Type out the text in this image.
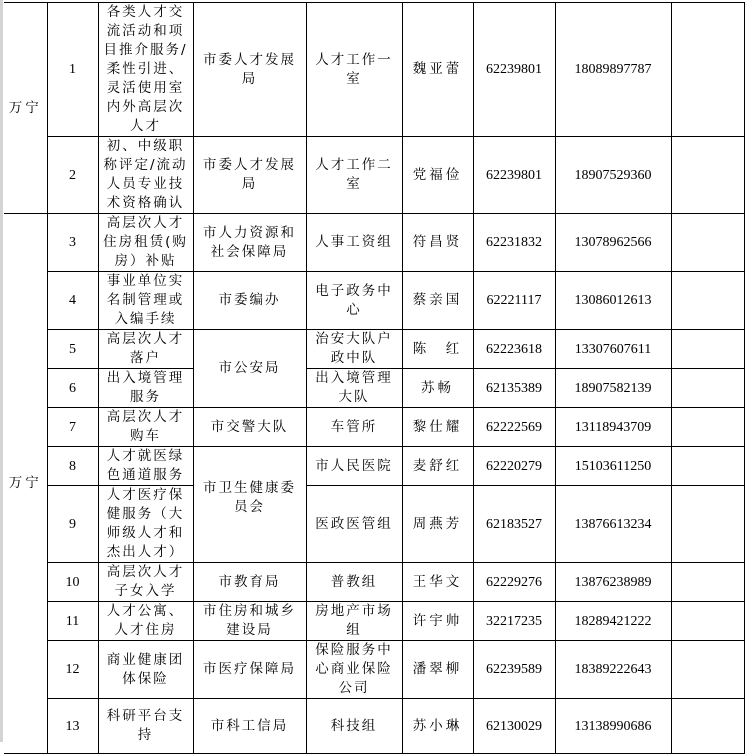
万宁	1	各类人才交流活动和项目推介服务/柔性引进、灵活使用室内外高层次人才	市委人才发展局	人才工作一室	魏亚蕾	62239801	18089897787	
	2	初、中级职称评定/流动人员专业技术资格确认	市委人才发展局	人才工作二室	党福俭	62239801	18907529360	
万宁	3	高层次人才住房租赁(购房）补贴	市人力资源和社会保障局	人事工资组	符昌贤	62231832	13078962566	
	4	事业单位实名制管理或入编手续	市委编办	电子政务中心	蔡亲国	62221117	13086012613	
	5	高层次人才落户	市公安局	治安大队户政中队	陈　红	62223618	13307607611	
	6	出入境管理服务		出入境管理大队	苏畅	62135389	18907582139	
	7	高层次人才购车	市交警大队	车管所	黎仕耀	62222569	13118943709	
	8	人才就医绿色通道服务	市卫生健康委员会	市人民医院	麦舒红	62220279	15103611250	
	9	人才医疗保健服务（大师级人才和杰出人才）		医政医管组	周燕芳	62183527	13876613234	
	10	高层次人才子女入学	市教育局	普教组	王华文	62229276	13876238989	
	11	人才公寓、人才住房	市住房和城乡建设局	房地产市场组	许宇帅	32217235	18289421222	
	12	商业健康团体保险	市医疗保障局	保险服务中心商业保险公司	潘翠柳	62239589	18389222643	
	13	科研平台支持	市科工信局	科技组	苏小琳	62130029	13138990686	
